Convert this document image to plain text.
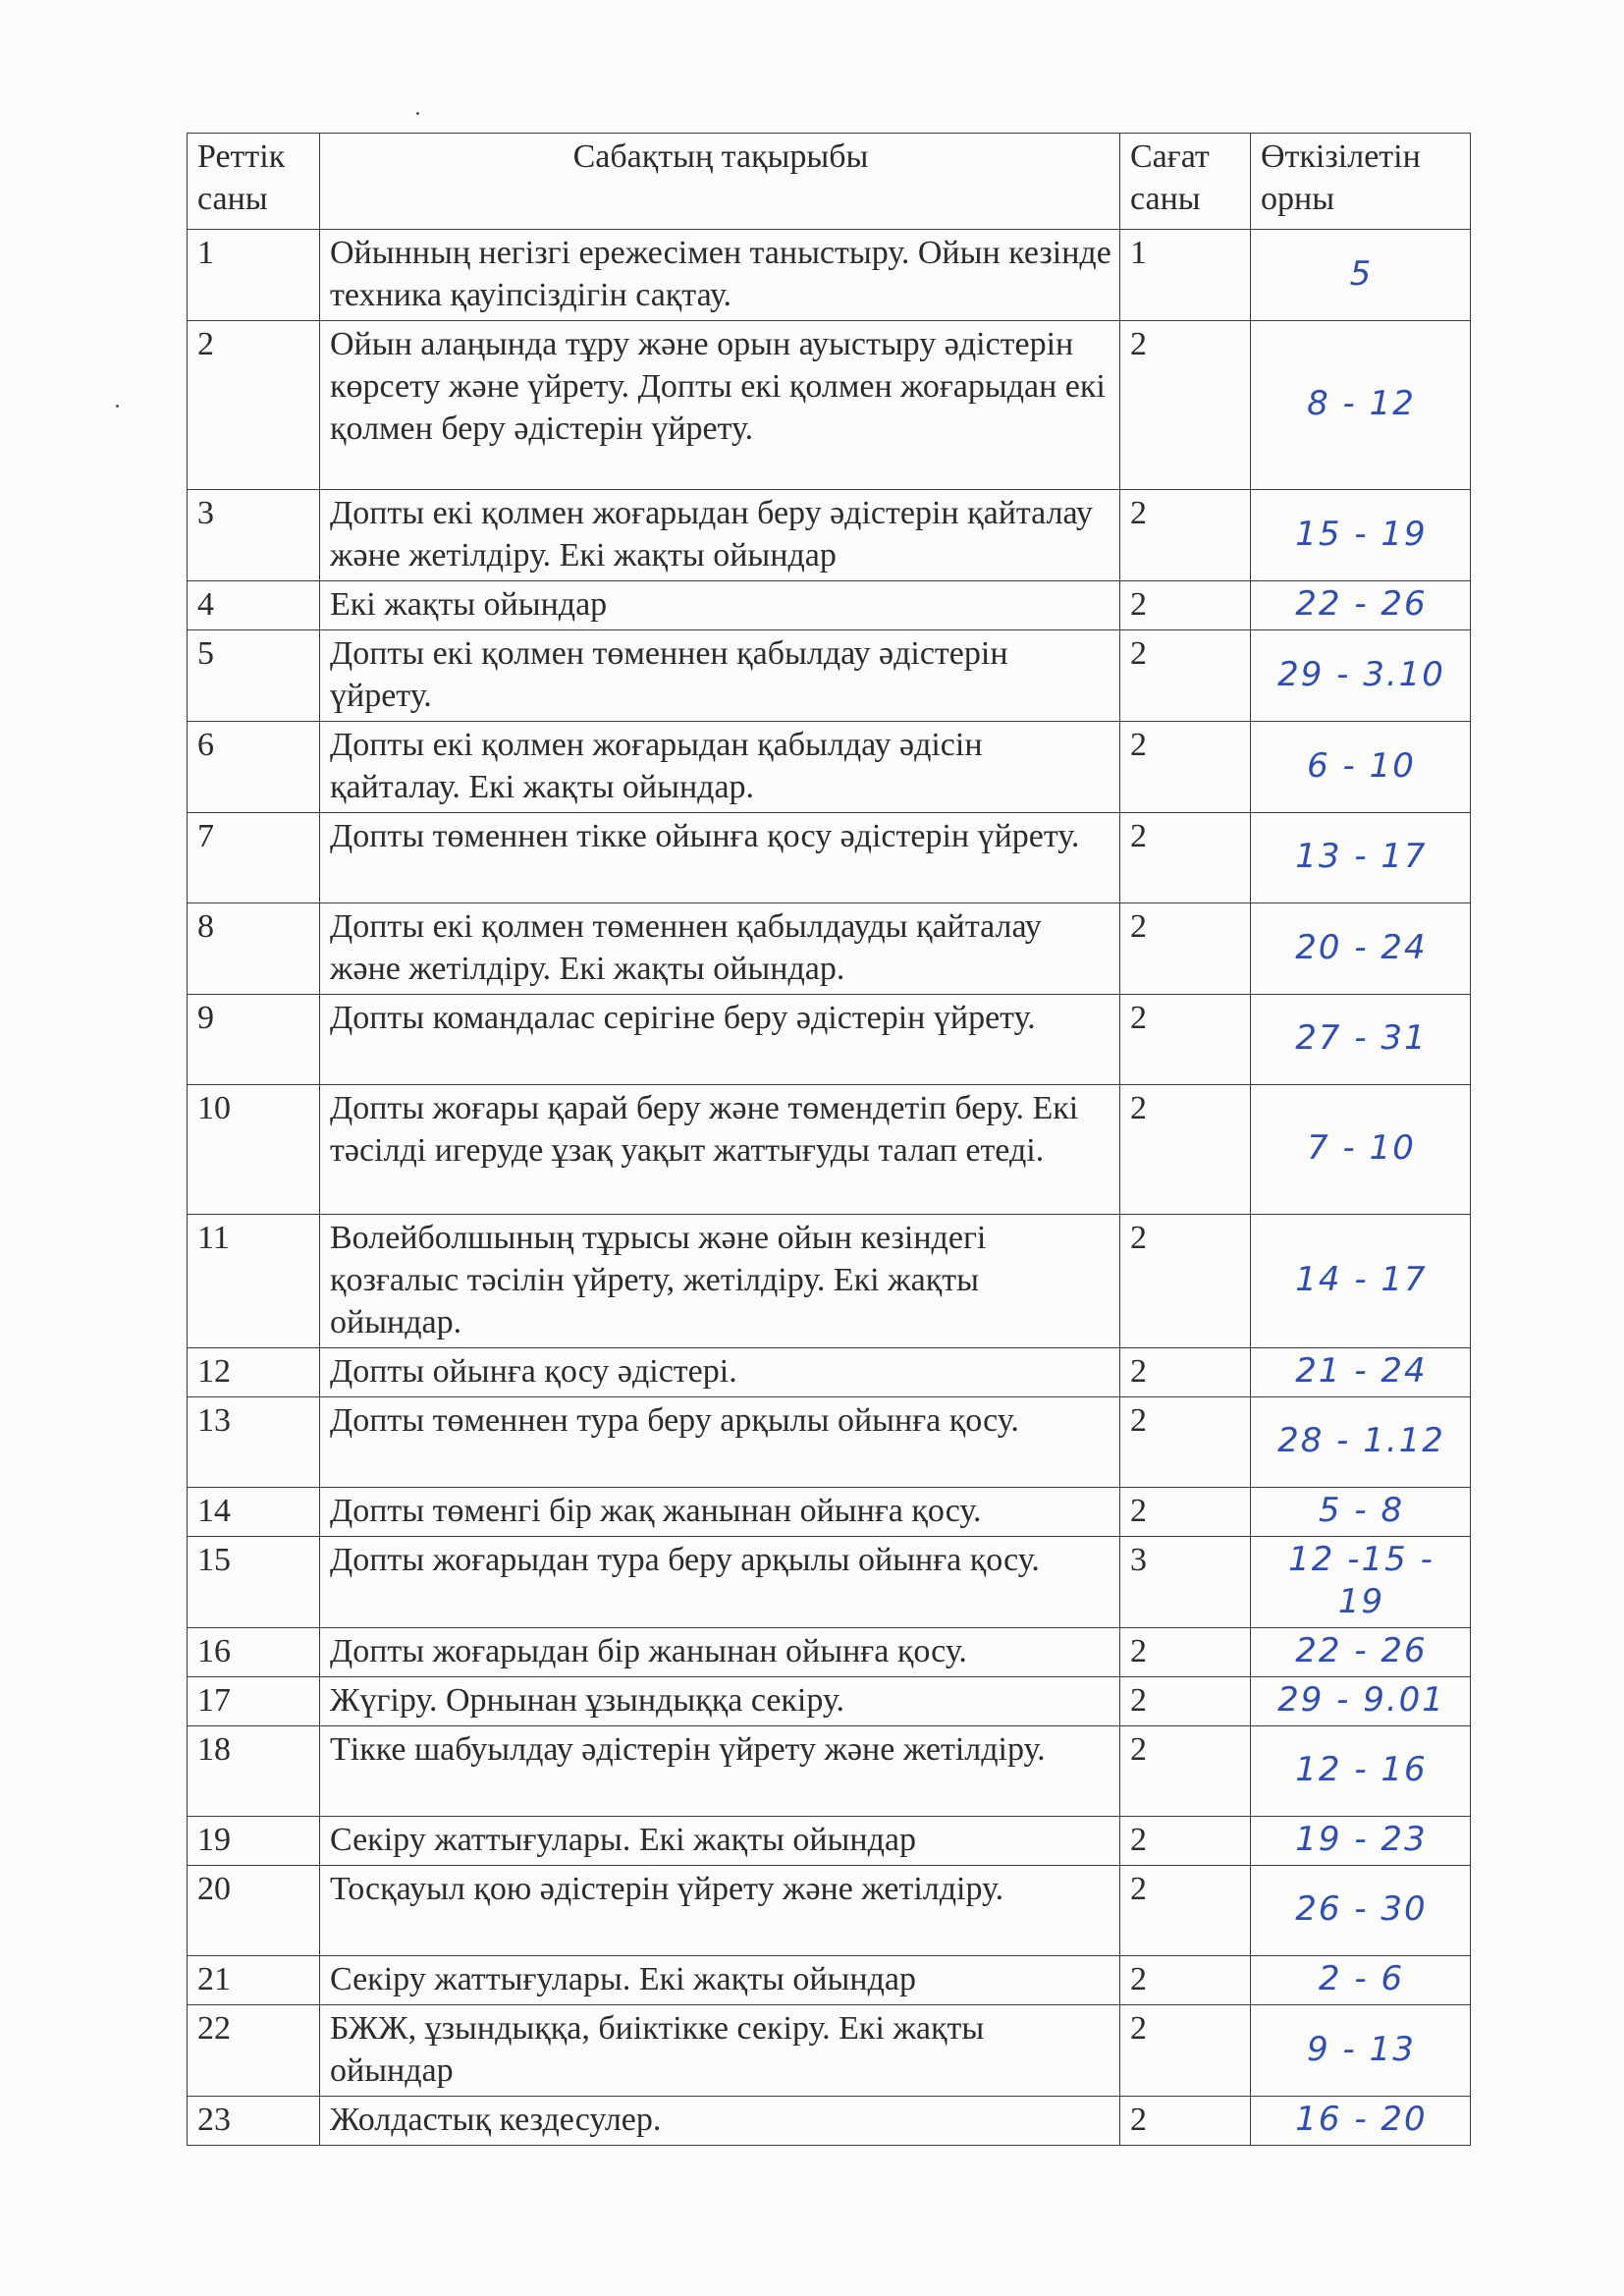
Реттік саны	Сабақтың тақырыбы	Сағат саны	Өткізілетін орны
1	Ойынның негізгі ережесімен таныстыру. Ойын кезінде техника қауіпсіздігін сақтау.	1	5
2	Ойын алаңында тұру және орын ауыстыру әдістерін көрсету және үйрету. Допты екі қолмен жоғарыдан екі қолмен беру әдістерін үйрету.	2	8 - 12
3	Допты екі қолмен жоғарыдан беру әдістерін қайталау және жетілдіру. Екі жақты ойындар	2	15 - 19
4	Екі жақты ойындар	2	22 - 26
5	Допты екі қолмен төменнен қабылдау әдістерін үйрету.	2	29 - 3.10
6	Допты екі қолмен жоғарыдан қабылдау әдісін қайталау. Екі жақты ойындар.	2	6 - 10
7	Допты төменнен тікке ойынға қосу әдістерін үйрету.	2	13 - 17
8	Допты екі қолмен төменнен қабылдауды қайталау және жетілдіру. Екі жақты ойындар.	2	20 - 24
9	Допты командалас серігіне беру әдістерін үйрету.	2	27 - 31
10	Допты жоғары қарай беру және төмендетіп беру. Екі тәсілді игеруде ұзақ уақыт жаттығуды талап етеді.	2	7 - 10
11	Волейболшының тұрысы және ойын кезіндегі қозғалыс тәсілін үйрету, жетілдіру. Екі жақты ойындар.	2	14 - 17
12	Допты ойынға қосу әдістері.	2	21 - 24
13	Допты төменнен тура беру арқылы ойынға қосу.	2	28 - 1.12
14	Допты төменгі бір жақ жанынан ойынға қосу.	2	5 - 8
15	Допты жоғарыдан тура беру арқылы ойынға қосу.	3	12 -15 - 19
16	Допты жоғарыдан бір жанынан ойынға қосу.	2	22 - 26
17	Жүгіру. Орнынан ұзындыққа секіру.	2	29 - 9.01
18	Тікке шабуылдау әдістерін үйрету және жетілдіру.	2	12 - 16
19	Секіру жаттығулары. Екі жақты ойындар	2	19 - 23
20	Тосқауыл қою әдістерін үйрету және жетілдіру.	2	26 - 30
21	Секіру жаттығулары. Екі жақты ойындар	2	2 - 6
22	БЖЖ, ұзындыққа, биіктікке секіру. Екі жақты ойындар	2	9 - 13
23	Жолдастық кездесулер.	2	16 - 20
